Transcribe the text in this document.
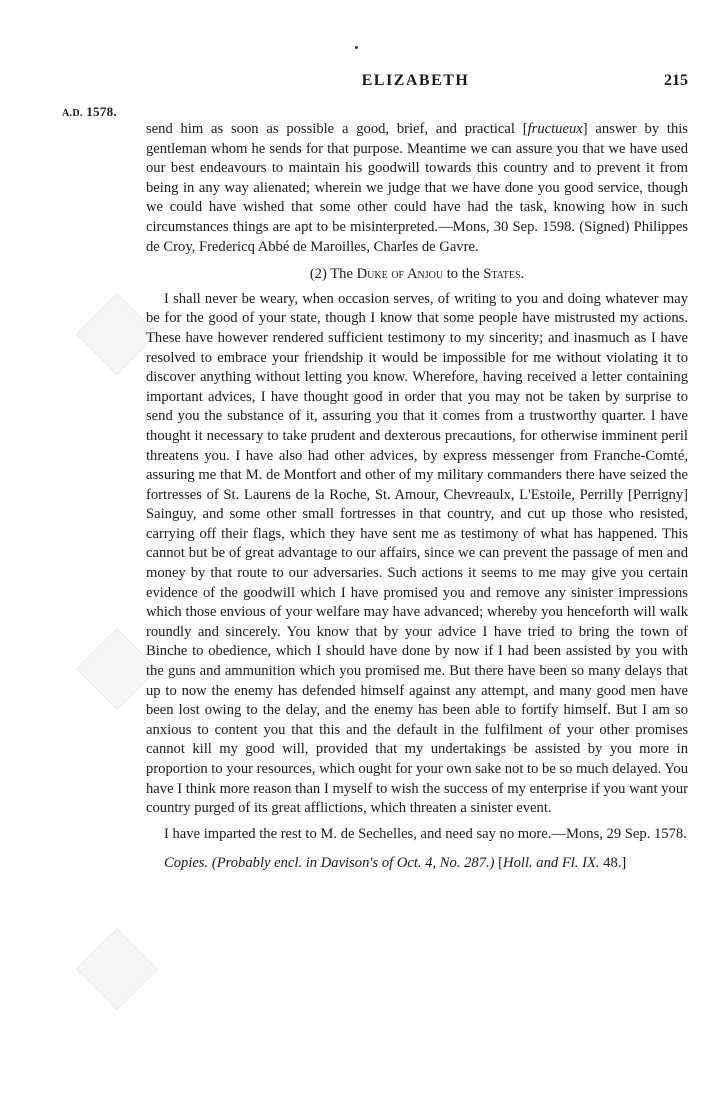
ELIZABETH	215
A.D. 1578.

send him as soon as possible a good, brief, and practical [fructueux] answer by this gentleman whom he sends for that purpose. Meantime we can assure you that we have used our best endeavours to maintain his goodwill towards this country and to prevent it from being in any way alienated; wherein we judge that we have done you good service, though we could have wished that some other could have had the task, knowing how in such circumstances things are apt to be misinterpreted.—Mons, 30 Sep. 1598. (Signed) Philippes de Croy, Fredericq Abbé de Maroilles, Charles de Gavre.

(2) The Duke of Anjou to the States.

I shall never be weary, when occasion serves, of writing to you and doing whatever may be for the good of your state, though I know that some people have mistrusted my actions. These have however rendered sufficient testimony to my sincerity; and inasmuch as I have resolved to embrace your friendship it would be impossible for me without violating it to discover anything without letting you know. Wherefore, having received a letter containing important advices, I have thought good in order that you may not be taken by surprise to send you the substance of it, assuring you that it comes from a trustworthy quarter. I have thought it necessary to take prudent and dexterous precautions, for otherwise imminent peril threatens you. I have also had other advices, by express messenger from Franche-Comté, assuring me that M. de Montfort and other of my military commanders there have seized the fortresses of St. Laurens de la Roche, St. Amour, Chevreaulx, L'Estoile, Perrilly [Perrigny] Sainguy, and some other small fortresses in that country, and cut up those who resisted, carrying off their flags, which they have sent me as testimony of what has happened. This cannot but be of great advantage to our affairs, since we can prevent the passage of men and money by that route to our adversaries. Such actions it seems to me may give you certain evidence of the goodwill which I have promised you and remove any sinister impressions which those envious of your welfare may have advanced; whereby you henceforth will walk roundly and sincerely. You know that by your advice I have tried to bring the town of Binche to obedience, which I should have done by now if I had been assisted by you with the guns and ammunition which you promised me. But there have been so many delays that up to now the enemy has defended himself against any attempt, and many good men have been lost owing to the delay, and the enemy has been able to fortify himself. But I am so anxious to content you that this and the default in the fulfilment of your other promises cannot kill my good will, provided that my undertakings be assisted by you more in proportion to your resources, which ought for your own sake not to be so much delayed. You have I think more reason than I myself to wish the success of my enterprise if you want your country purged of its great afflictions, which threaten a sinister event.

I have imparted the rest to M. de Sechelles, and need say no more.—Mons, 29 Sep. 1578.

Copies. (Probably encl. in Davison's of Oct. 4, No. 287.) [Holl. and Fl. IX. 48.]
